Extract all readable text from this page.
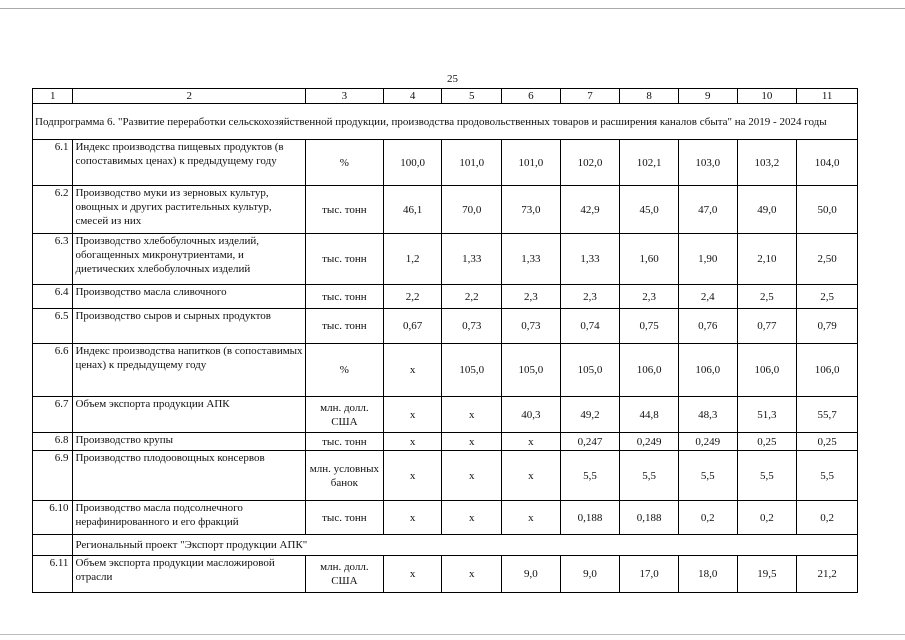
25
1	2	3	4	5	6	7	8	9	10	11
Подпрограмма 6. "Развитие переработки сельскохозяйственной продукции, производства продовольственных товаров и расширения каналов сбыта" на 2019 - 2024 годы										
6.1	Индекс производства пищевых продуктов (в сопоставимых ценах) к предыдущему году	%	100,0	101,0	101,0	102,0	102,1	103,0	103,2	104,0
6.2	Производство муки из зерновых культур, овощных и других растительных культур, смесей из них	тыс. тонн	46,1	70,0	73,0	42,9	45,0	47,0	49,0	50,0
6.3	Производство хлебобулочных изделий, обогащенных микронутриентами, и диетических хлебобулочных изделий	тыс. тонн	1,2	1,33	1,33	1,33	1,60	1,90	2,10	2,50
6.4	Производство масла сливочного	тыс. тонн	2,2	2,2	2,3	2,3	2,3	2,4	2,5	2,5
6.5	Производство сыров и сырных продуктов	тыс. тонн	0,67	0,73	0,73	0,74	0,75	0,76	0,77	0,79
6.6	Индекс производства напитков (в сопоставимых ценах) к предыдущему году	%	х	105,0	105,0	105,0	106,0	106,0	106,0	106,0
6.7	Объем экспорта продукции АПК	млн. долл. США	х	х	40,3	49,2	44,8	48,3	51,3	55,7
6.8	Производство крупы	тыс. тонн	х	х	х	0,247	0,249	0,249	0,25	0,25
6.9	Производство плодоовощных консервов	млн. условных банок	х	х	х	5,5	5,5	5,5	5,5	5,5
6.10	Производство масла подсолнечного нерафинированного и его фракций	тыс. тонн	х	х	х	0,188	0,188	0,2	0,2	0,2
	Региональный проект "Экспорт продукции АПК"									
6.11	Объем экспорта продукции масложировой отрасли	млн. долл. США	х	х	9,0	9,0	17,0	18,0	19,5	21,2
